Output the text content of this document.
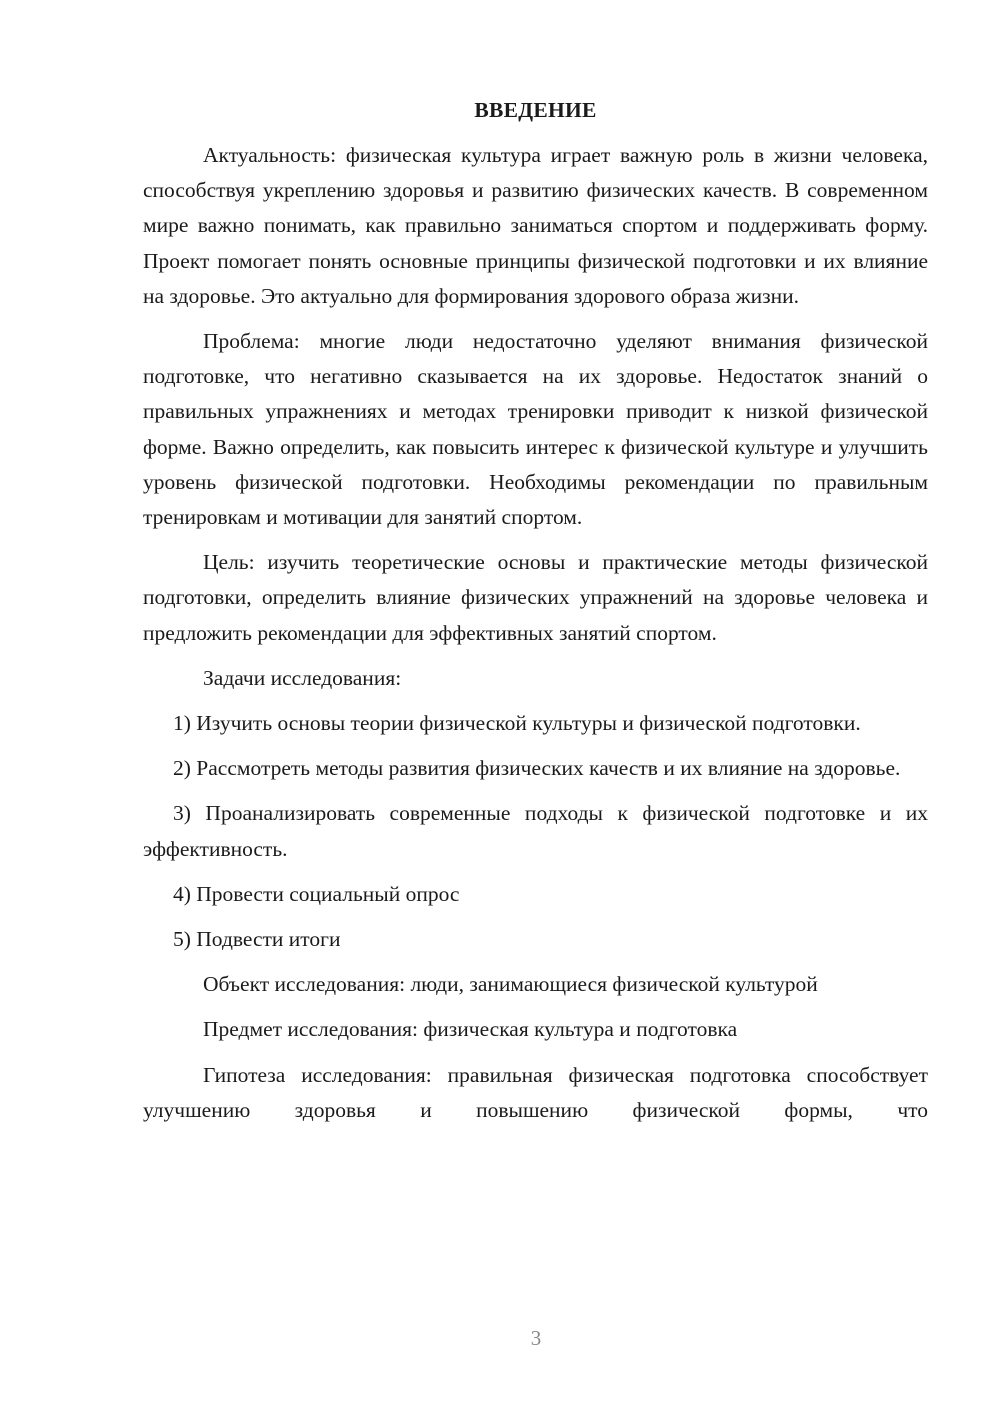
ВВЕДЕНИЕ

Актуальность: физическая культура играет важную роль в жизни человека, способствуя укреплению здоровья и развитию физических качеств. В современном мире важно понимать, как правильно заниматься спортом и поддерживать форму. Проект помогает понять основные принципы физической подготовки и их влияние на здоровье. Это актуально для формирования здорового образа жизни.

Проблема: многие люди недостаточно уделяют внимания физической подготовке, что негативно сказывается на их здоровье. Недостаток знаний о правильных упражнениях и методах тренировки приводит к низкой физической форме. Важно определить, как повысить интерес к физической культуре и улучшить уровень физической подготовки. Необходимы рекомендации по правильным тренировкам и мотивации для занятий спортом.

Цель: изучить теоретические основы и практические методы физической подготовки, определить влияние физических упражнений на здоровье человека и предложить рекомендации для эффективных занятий спортом.

Задачи исследования:

1) Изучить основы теории физической культуры и физической подготовки.

2) Рассмотреть методы развития физических качеств и их влияние на здоровье.

3) Проанализировать современные подходы к физической подготовке и их эффективность.

4) Провести социальный опрос

5) Подвести итоги

Объект исследования: люди, занимающиеся физической культурой

Предмет исследования: физическая культура и подготовка

Гипотеза исследования: правильная физическая подготовка способствует улучшению здоровья и повышению физической формы, что

3
